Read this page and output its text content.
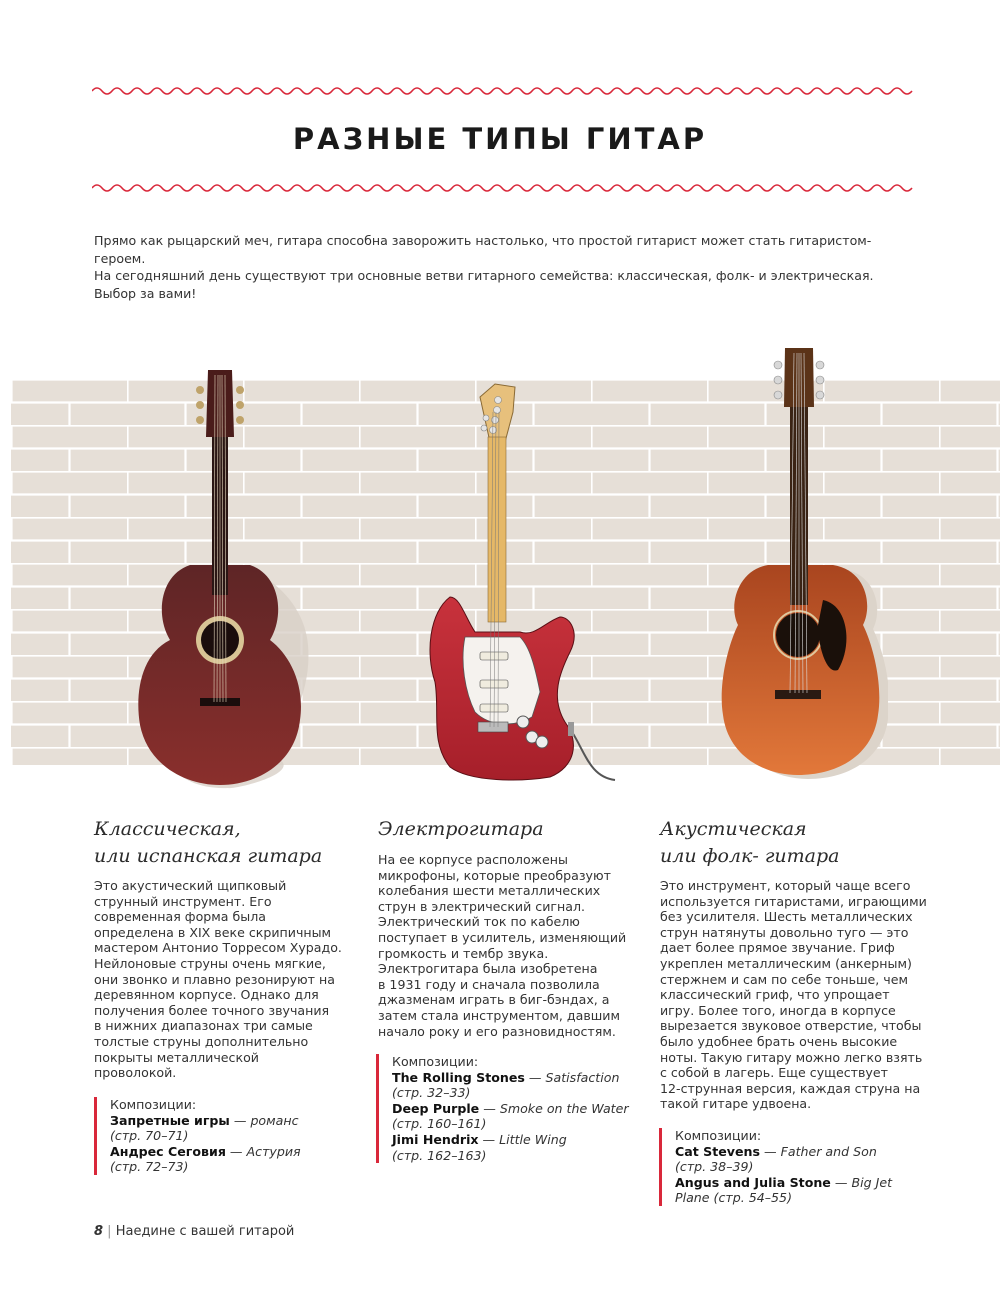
РАЗНЫЕ ТИПЫ ГИТАР

Прямо как рыцарский меч, гитара способна заворожить настолько, что простой гитарист может стать гитаристом-героем.

На сегодняшний день существуют три основные ветви гитарного семейства: классическая, фолк- и электрическая.

Выбор за вами!

Классическая,
или испанская гитара

Это акустический щипковый

струнный инструмент. Его

современная форма была

определена в XIX веке скрипичным

мастером Антонио Торресом Хурадо.

Нейлоновые струны очень мягкие,

они звонко и плавно резонируют на

деревянном корпусе. Однако для

получения более точного звучания

в нижних диапазонах три самые

толстые струны дополнительно

покрыты металлической

проволокой.

Композиции:
Запретные игры — романс
(стр. 70–71)
Андрес Сеговия — Астурия
(стр. 72–73)
Электрогитара

На ее корпусе расположены

микрофоны, которые преобразуют

колебания шести металлических

струн в электрический сигнал.

Электрический ток по кабелю

поступает в усилитель, изменяющий

громкость и тембр звука.

Электрогитара была изобретена

в 1931 году и сначала позволила

джазменам играть в биг-бэндах, а

затем стала инструментом, давшим

начало року и его разновидностям.

Композиции:
The Rolling Stones — Satisfaction
(стр. 32–33)
Deep Purple — Smoke on the Water
(стр. 160–161)
Jimi Hendrix — Little Wing
(стр. 162–163)
Акустическая
или фолк- гитара

Это инструмент, который чаще всего

используется гитаристами, играющими

без усилителя. Шесть металлических

струн натянуты довольно туго — это

дает более прямое звучание. Гриф

укреплен металлическим (анкерным)

стержнем и сам по себе тоньше, чем

классический гриф, что упрощает

игру. Более того, иногда в корпусе

вырезается звуковое отверстие, чтобы

было удобнее брать очень высокие

ноты. Такую гитару можно легко взять

с собой в лагерь. Еще существует

12-струнная версия, каждая струна на

такой гитаре удвоена.

Композиции:
Cat Stevens — Father and Son
(стр. 38–39)
Angus and Julia Stone — Big Jet
Plane (стр. 54–55)
8 | Наедине с вашей гитарой
